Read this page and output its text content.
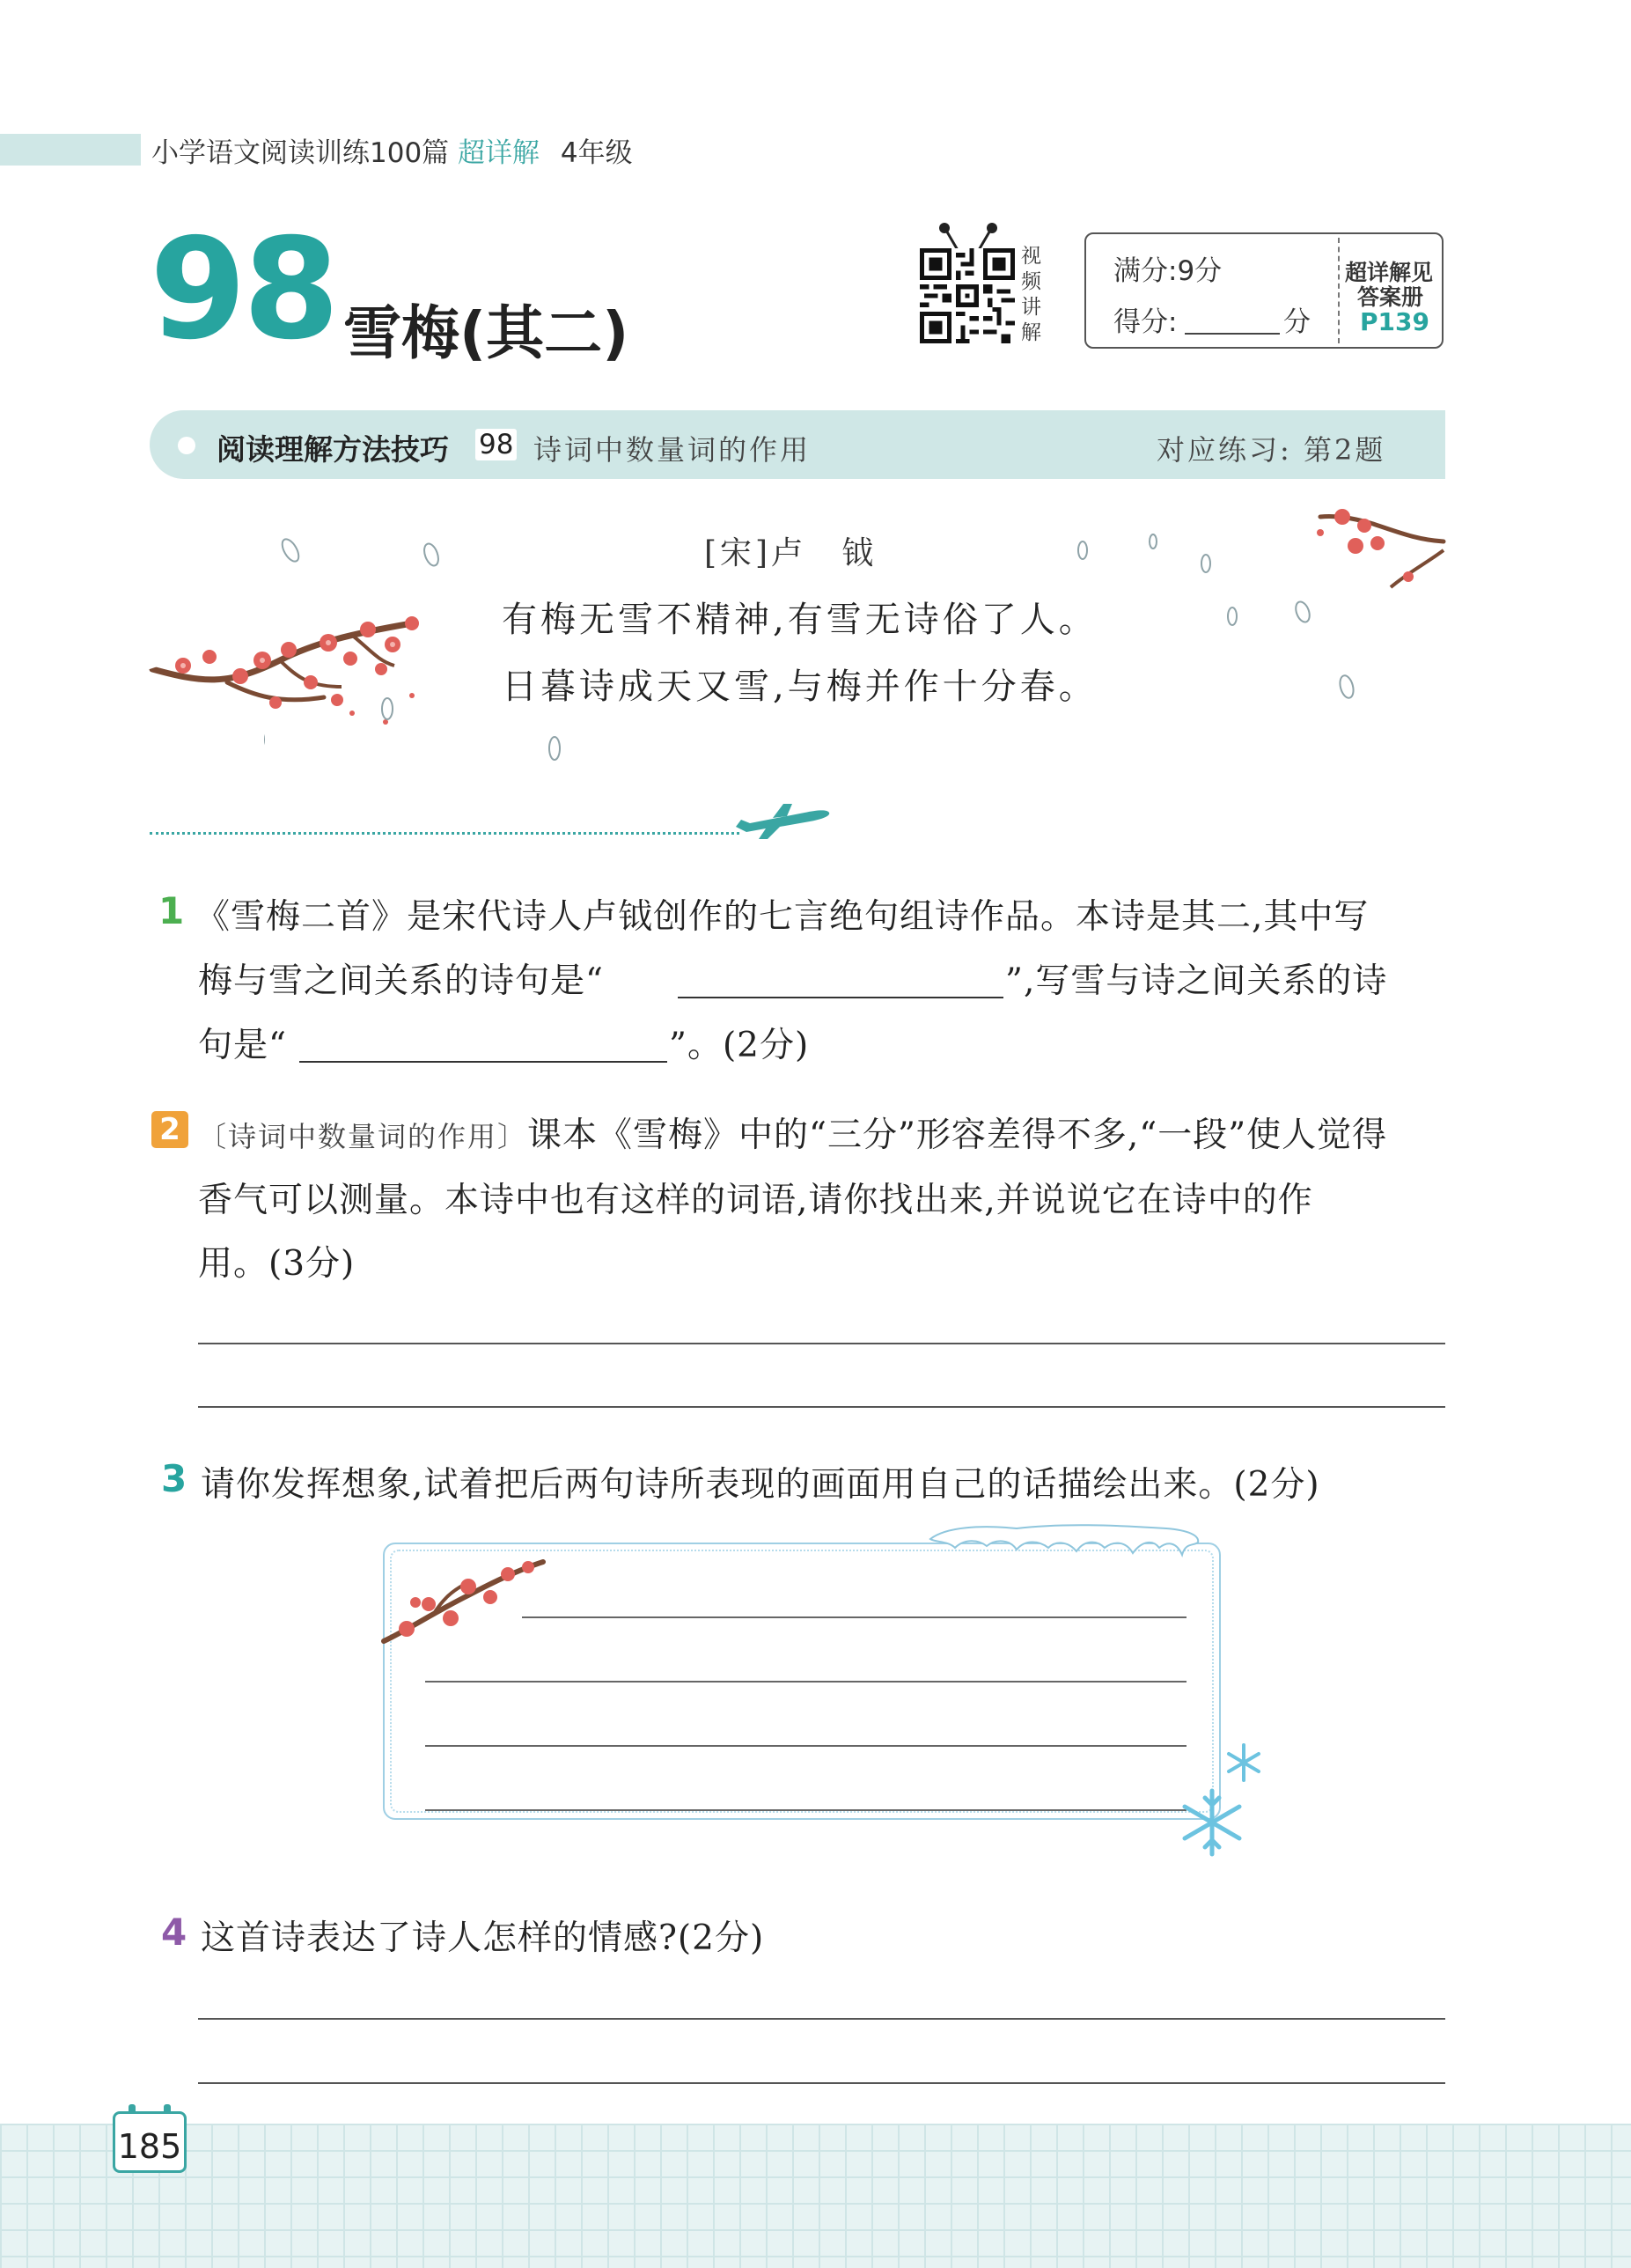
小学语文阅读训练100篇 超详解 4年级
98 雪梅(其二)
视
频
讲
解
满分:9分
得分:	分
超详解见
答案册
P139
阅读理解方法技巧 98 诗词中数量词的作用	对应练习: 第2题
[宋]卢　钺
有梅无雪不精神,有雪无诗俗了人。
日暮诗成天又雪,与梅并作十分春。
1 《雪梅二首》是宋代诗人卢钺创作的七言绝句组诗作品。本诗是其二,其中写
梅与雪之间关系的诗句是“	”,写雪与诗之间关系的诗
句是“	”。(2分)
2 〔诗词中数量词的作用〕课本《雪梅》中的“三分”形容差得不多,“一段”使人觉得
香气可以测量。本诗中也有这样的词语,请你找出来,并说说它在诗中的作
用。(3分)
3 请你发挥想象,试着把后两句诗所表现的画面用自己的话描绘出来。(2分)
4 这首诗表达了诗人怎样的情感?(2分)
185
